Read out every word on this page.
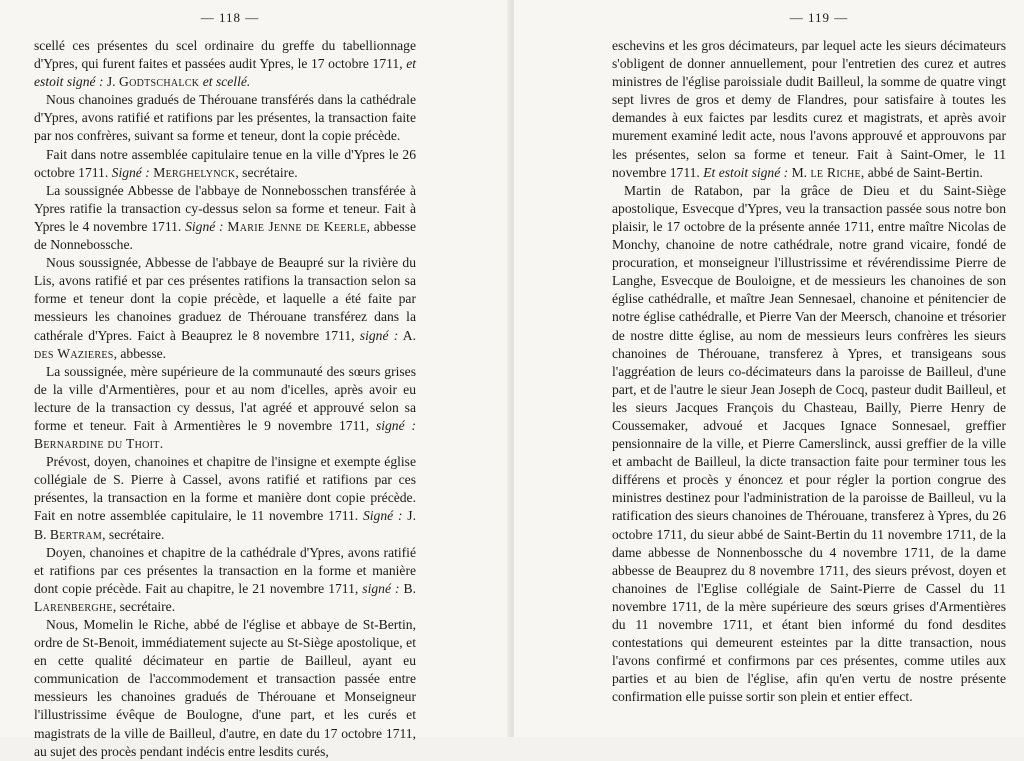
— 118 —

scellé ces présentes du scel ordinaire du greffe du tabellionnage d'Ypres, qui furent faites et passées audit Ypres, le 17 octobre 1711, et estoit signé : J. Godtschalck et scellé.

Nous chanoines gradués de Thérouane transférés dans la cathédrale d'Ypres, avons ratifié et ratifions par les présentes, la transaction faite par nos confrères, suivant sa forme et teneur, dont la copie précède.

Fait dans notre assemblée capitulaire tenue en la ville d'Ypres le 26 octobre 1711. Signé : Merghelynck, secrétaire.

La soussignée Abbesse de l'abbaye de Nonnebosschen transférée à Ypres ratifie la transaction cy-dessus selon sa forme et teneur. Fait à Ypres le 4 novembre 1711. Signé : Marie Jenne de Keerle, abbesse de Nonnebossche.

Nous soussignée, Abbesse de l'abbaye de Beaupré sur la rivière du Lis, avons ratifié et par ces présentes ratifions la transaction selon sa forme et teneur dont la copie précède, et laquelle a été faite par messieurs les chanoines graduez de Thérouane transférez dans la cathérale d'Ypres. Faict à Beauprez le 8 novembre 1711, signé : A. des Wazieres, abbesse.

La soussignée, mère supérieure de la communauté des sœurs grises de la ville d'Armentières, pour et au nom d'icelles, après avoir eu lecture de la transaction cy dessus, l'at agréé et approuvé selon sa forme et teneur. Fait à Armentières le 9 novembre 1711, signé : Bernardine du Thoit.

Prévost, doyen, chanoines et chapitre de l'insigne et exempte église collégiale de S. Pierre à Cassel, avons ratifié et ratifions par ces présentes, la transaction en la forme et manière dont copie précède. Fait en notre assemblée capitulaire, le 11 novembre 1711. Signé : J. B. Bertram, secrétaire.

Doyen, chanoines et chapitre de la cathédrale d'Ypres, avons ratifié et ratifions par ces présentes la transaction en la forme et manière dont copie précède. Fait au chapitre, le 21 novembre 1711, signé : B. Larenberghe, secrétaire.

Nous, Momelin le Riche, abbé de l'église et abbaye de St-Bertin, ordre de St-Benoit, immédiatement sujecte au St-Siège apostolique, et en cette qualité décimateur en partie de Bailleul, ayant eu communication de l'accommodement et transaction passée entre messieurs les chanoines gradués de Thérouane et Monseigneur l'illustrissime évêque de Boulogne, d'une part, et les curés et magistrats de la ville de Bailleul, d'autre, en date du 17 octobre 1711, au sujet des procès pendant indécis entre lesdits curés,

— 119 —

eschevins et les gros décimateurs, par lequel acte les sieurs décimateurs s'obligent de donner annuellement, pour l'entretien des curez et autres ministres de l'église paroissiale dudit Bailleul, la somme de quatre vingt sept livres de gros et demy de Flandres, pour satisfaire à toutes les demandes à eux faictes par lesdits curez et magistrats, et après avoir murement examiné ledit acte, nous l'avons approuvé et approuvons par les présentes, selon sa forme et teneur. Fait à Saint-Omer, le 11 novembre 1711. Et estoit signé : M. le Riche, abbé de Saint-Bertin.

Martin de Ratabon, par la grâce de Dieu et du Saint-Siège apostolique, Esvecque d'Ypres, veu la transaction passée sous notre bon plaisir, le 17 octobre de la présente année 1711, entre maître Nicolas de Monchy, chanoine de notre cathédrale, notre grand vicaire, fondé de procuration, et monseigneur l'illustrissime et révérendissime Pierre de Langhe, Esvecque de Bouloigne, et de messieurs les chanoines de son église cathédralle, et maître Jean Sennesael, chanoine et pénitencier de notre église cathédralle, et Pierre Van der Meersch, chanoine et trésorier de nostre ditte église, au nom de messieurs leurs confrères les sieurs chanoines de Thérouane, transferez à Ypres, et transigeans sous l'aggréation de leurs co-décimateurs dans la paroisse de Bailleul, d'une part, et de l'autre le sieur Jean Joseph de Cocq, pasteur dudit Bailleul, et les sieurs Jacques François du Chasteau, Bailly, Pierre Henry de Coussemaker, advoué et Jacques Ignace Sonnesael, greffier pensionnaire de la ville, et Pierre Camerslinck, aussi greffier de la ville et ambacht de Bailleul, la dicte transaction faite pour terminer tous les différens et procès y énoncez et pour régler la portion congrue des ministres destinez pour l'administration de la paroisse de Bailleul, vu la ratification des sieurs chanoines de Thérouane, transferez à Ypres, du 26 octobre 1711, du sieur abbé de Saint-Bertin du 11 novembre 1711, de la dame abbesse de Nonnenbossche du 4 novembre 1711, de la dame abbesse de Beauprez du 8 novembre 1711, des sieurs prévost, doyen et chanoines de l'Eglise collégiale de Saint-Pierre de Cassel du 11 novembre 1711, de la mère supérieure des sœurs grises d'Armentières du 11 novembre 1711, et étant bien informé du fond desdites contestations qui demeurent esteintes par la ditte transaction, nous l'avons confirmé et confirmons par ces présentes, comme utiles aux parties et au bien de l'église, afin qu'en vertu de nostre présente confirmation elle puisse sortir son plein et entier effect.
